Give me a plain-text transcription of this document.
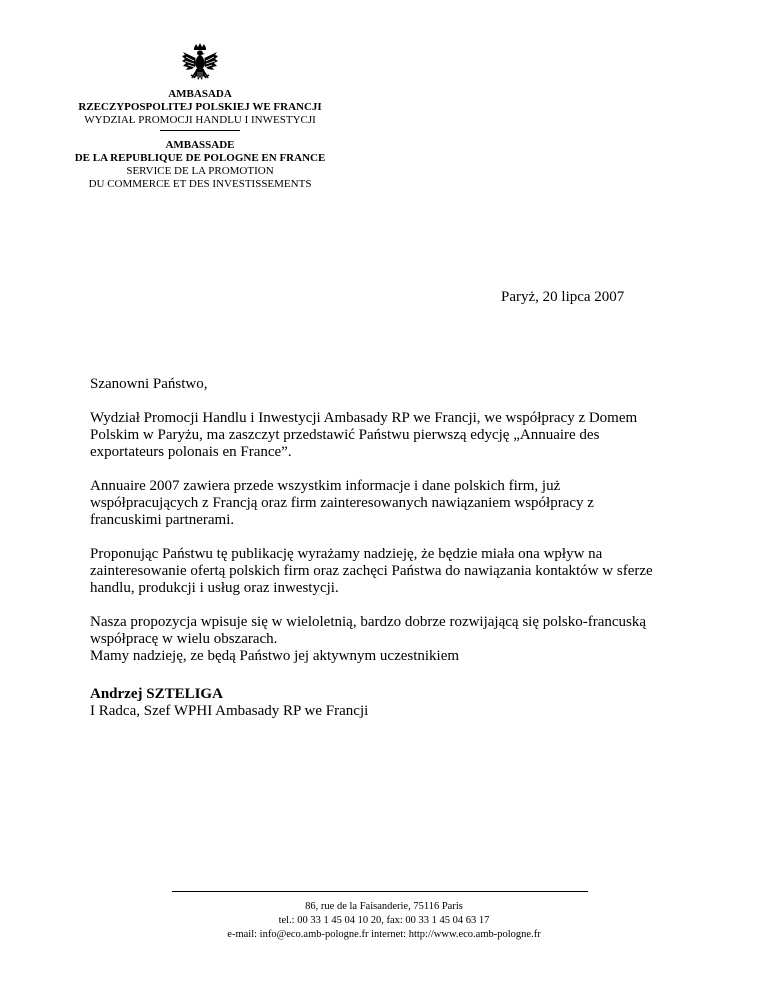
AMBASADA
RZECZYPOSPOLITEJ POLSKIEJ WE FRANCJI
WYDZIAŁ PROMOCJI HANDLU I INWESTYCJI
AMBASSADE
DE LA REPUBLIQUE DE POLOGNE EN FRANCE
SERVICE DE LA PROMOTION
DU COMMERCE ET DES INVESTISSEMENTS
Paryż, 20 lipca 2007

Szanowni Państwo,

Wydział Promocji Handlu i Inwestycji Ambasady RP we Francji, we współpracy z Domem
Polskim w Paryżu, ma zaszczyt przedstawić Państwu pierwszą edycję „Annuaire des
exportateurs polonais en France”.

Annuaire 2007 zawiera przede wszystkim informacje i dane polskich firm, już
współpracujących z Francją oraz firm zainteresowanych nawiązaniem współpracy z
francuskimi partnerami.

Proponując Państwu tę publikację wyrażamy nadzieję, że będzie miała ona wpływ na
zainteresowanie ofertą polskich firm oraz zachęci Państwa do nawiązania kontaktów w sferze
handlu, produkcji i usług oraz inwestycji.

Nasza propozycja wpisuje się w wieloletnią, bardzo dobrze rozwijającą się polsko-francuską
współpracę w wielu obszarach.
Mamy nadzieję, ze będą Państwo jej aktywnym uczestnikiem

Andrzej SZTELIGA
I Radca, Szef WPHI Ambasady RP we Francji
86, rue de la Faisanderie, 75116 Paris
tel.: 00 33 1 45 04 10 20, fax: 00 33 1 45 04 63 17
e-mail: info@eco.amb-pologne.fr internet: http://www.eco.amb-pologne.fr
